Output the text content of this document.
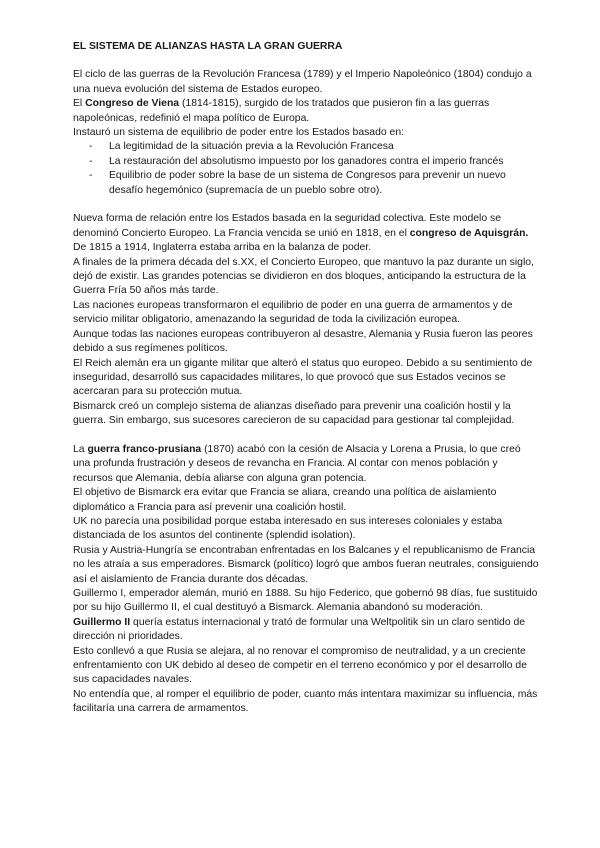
EL SISTEMA DE ALIANZAS HASTA LA GRAN GUERRA

El ciclo de las guerras de la Revolución Francesa (1789) y el Imperio Napoleónico (1804) condujo a una nueva evolución del sistema de Estados europeo.

El Congreso de Viena (1814-1815), surgido de los tratados que pusieron fin a las guerras napoleónicas, redefinió el mapa político de Europa.

Instauró un sistema de equilibrio de poder entre los Estados basado en:

- La legitimidad de la situación previa a la Revolución Francesa
- La restauración del absolutismo impuesto por los ganadores contra el imperio francés
- Equilibrio de poder sobre la base de un sistema de Congresos para prevenir un nuevo desafío hegemónico (supremacía de un pueblo sobre otro).

Nueva forma de relación entre los Estados basada en la seguridad colectiva. Este modelo se denominó Concierto Europeo. La Francia vencida se unió en 1818, en el congreso de Aquisgrán.

De 1815 a 1914, Inglaterra estaba arriba en la balanza de poder.

A finales de la primera década del s.XX, el Concierto Europeo, que mantuvo la paz durante un siglo, dejó de existir. Las grandes potencias se dividieron en dos bloques, anticipando la estructura de la Guerra Fría 50 años más tarde.

Las naciones europeas transformaron el equilibrio de poder en una guerra de armamentos y de servicio militar obligatorio, amenazando la seguridad de toda la civilización europea.

Aunque todas las naciones europeas contribuyeron al desastre, Alemania y Rusia fueron las peores debido a sus regímenes políticos.

El Reich alemán era un gigante militar que alteró el status quo europeo. Debido a su sentimiento de inseguridad, desarrolló sus capacidades militares, lo que provocó que sus Estados vecinos se acercaran para su protección mutua.

Bismarck creó un complejo sistema de alianzas diseñado para prevenir una coalición hostil y la guerra. Sin embargo, sus sucesores carecieron de su capacidad para gestionar tal complejidad.

La guerra franco-prusiana (1870) acabó con la cesión de Alsacia y Lorena a Prusia, lo que creó una profunda frustración y deseos de revancha en Francia. Al contar con menos población y recursos que Alemania, debía aliarse con alguna gran potencia.

El objetivo de Bismarck era evitar que Francia se aliara, creando una política de aislamiento diplomático a Francia para así prevenir una coalición hostil.

UK no parecía una posibilidad porque estaba interesado en sus intereses coloniales y estaba distanciada de los asuntos del continente (splendid isolation).

Rusia y Austria-Hungría se encontraban enfrentadas en los Balcanes y el republicanismo de Francia no les atraía a sus emperadores. Bismarck (político) logró que ambos fueran neutrales, consiguiendo así el aislamiento de Francia durante dos décadas.

Guillermo I, emperador alemán, murió en 1888. Su hijo Federico, que gobernó 98 días, fue sustituido por su hijo Guillermo II, el cual destituyó a Bismarck. Alemania abandonó su moderación.

Guillermo II quería estatus internacional y trató de formular una Weltpolitik sin un claro sentido de dirección ni prioridades.

Esto conllevó a que Rusia se alejara, al no renovar el compromiso de neutralidad, y a un creciente enfrentamiento con UK debido al deseo de competir en el terreno económico y por el desarrollo de sus capacidades navales.

No entendía que, al romper el equilibrio de poder, cuanto más intentara maximizar su influencia, más facilitaría una carrera de armamentos.
